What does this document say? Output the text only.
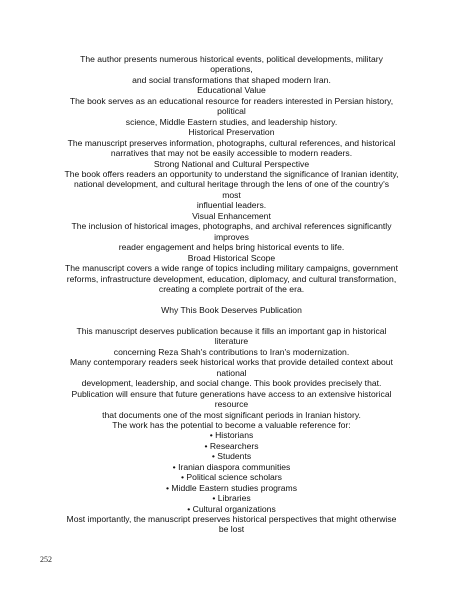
The author presents numerous historical events, political developments, military
operations,
and social transformations that shaped modern Iran.
Educational Value
The book serves as an educational resource for readers interested in Persian history,
political
science, Middle Eastern studies, and leadership history.
Historical Preservation
The manuscript preserves information, photographs, cultural references, and historical
narratives that may not be easily accessible to modern readers.
Strong National and Cultural Perspective
The book offers readers an opportunity to understand the significance of Iranian identity,
national development, and cultural heritage through the lens of one of the country's
most
influential leaders.
Visual Enhancement
The inclusion of historical images, photographs, and archival references significantly
improves
reader engagement and helps bring historical events to life.
Broad Historical Scope
The manuscript covers a wide range of topics including military campaigns, government
reforms, infrastructure development, education, diplomacy, and cultural transformation,
creating a complete portrait of the era.
Why This Book Deserves Publication
This manuscript deserves publication because it fills an important gap in historical
literature
concerning Reza Shah's contributions to Iran's modernization.
Many contemporary readers seek historical works that provide detailed context about
national
development, leadership, and social change. This book provides precisely that.
Publication will ensure that future generations have access to an extensive historical
resource
that documents one of the most significant periods in Iranian history.
The work has the potential to become a valuable reference for:
• Historians
• Researchers
• Students
• Iranian diaspora communities
• Political science scholars
• Middle Eastern studies programs
• Libraries
• Cultural organizations
Most importantly, the manuscript preserves historical perspectives that might otherwise
be lost
252
